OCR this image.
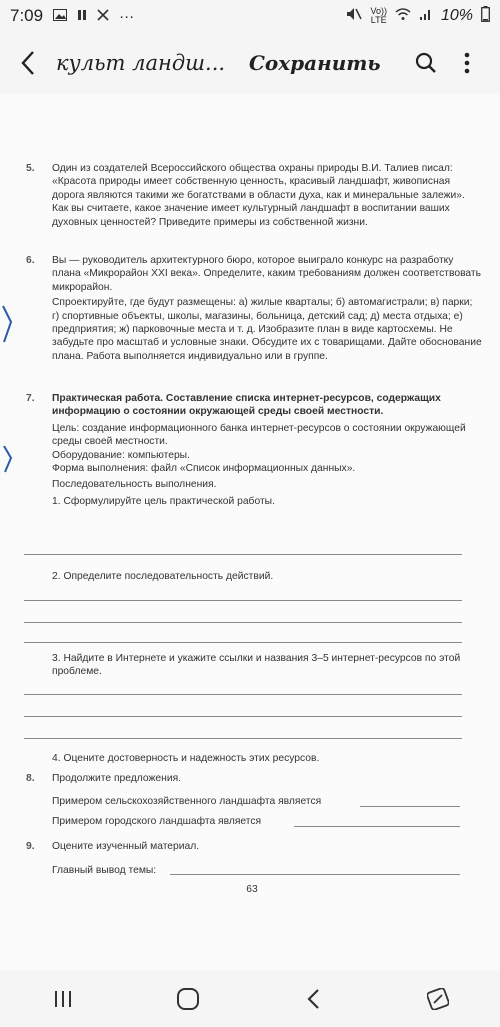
7:09	···	Vo))
LTE	10%
культ ландш... Сохранить
5. Один из создателей Всероссийского общества охраны природы В.И. Талиев писал: «Красота природы имеет собственную ценность, красивый ландшафт, живописная дорога являются такими же богатствами в области духа, как и минеральные залежи». Как вы считаете, какое значение имеет культурный ландшафт в воспитании ваших духовных ценностей? Приведите примеры из собственной жизни.

6. Вы — руководитель архитектурного бюро, которое выиграло конкурс на разработку плана «Микрорайон XXI века». Определите, каким требованиям должен соответствовать микрорайон.

Спроектируйте, где будут размещены: а) жилые кварталы; б) автомагистрали; в) парки; г) спортивные объекты, школы, магазины, больница, детский сад; д) места отдыха; е) предприятия; ж) парковочные места и т. д. Изобразите план в виде картосхемы. Не забудьте про масштаб и условные знаки. Обсудите их с товарищами. Дайте обоснование плана. Работа выполняется индивидуально или в группе.

7. Практическая работа. Составление списка интернет-ресурсов, содержащих информацию о состоянии окружающей среды своей местности.

Цель: создание информационного банка интернет-ресурсов о состоянии окружающей среды своей местности.

Оборудование: компьютеры.

Форма выполнения: файл «Список информационных данных».

Последовательность выполнения.

1. Сформулируйте цель практической работы.

2. Определите последовательность действий.
3. Найдите в Интернете и укажите ссылки и названия 3–5 интернет-ресурсов по этой проблеме.
4. Оцените достоверность и надежность этих ресурсов.
8. Продолжите предложения.

Примером сельскохозяйственного ландшафта является
Примером городского ландшафта является
9. Оцените изученный материал.

Главный вывод темы:
63
